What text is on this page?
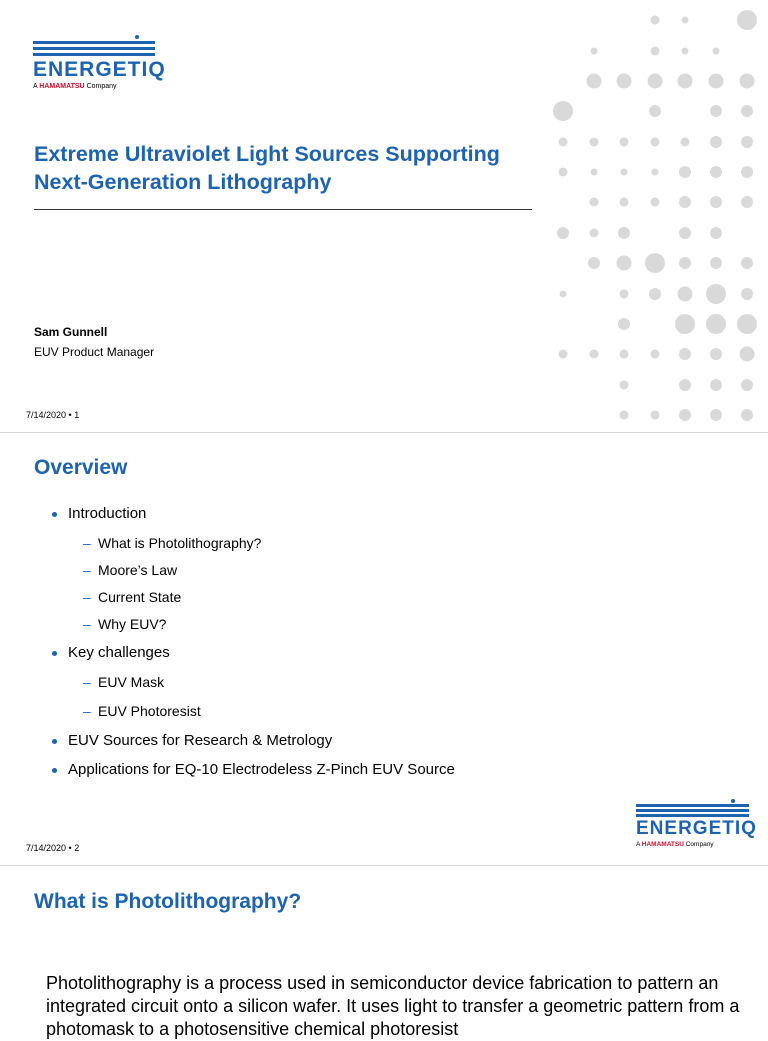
ENERGETIQ
A HAMAMATSU Company
Extreme Ultraviolet Light Sources Supporting
Next-Generation Lithography
Sam Gunnell
EUV Product Manager
7/14/2020 • 1
Overview
Introduction
– What is Photolithography?
– Moore’s Law
– Current State
– Why EUV?
Key challenges
– EUV Mask
– EUV Photoresist
EUV Sources for Research & Metrology
Applications for EQ-10 Electrodeless Z-Pinch EUV Source
ENERGETIQ
A HAMAMATSU Company
7/14/2020 • 2
What is Photolithography?
Photolithography is a process used in semiconductor device fabrication to pattern an integrated circuit onto a silicon wafer. It uses light to transfer a geometric pattern from a photomask to a photosensitive chemical photoresist
